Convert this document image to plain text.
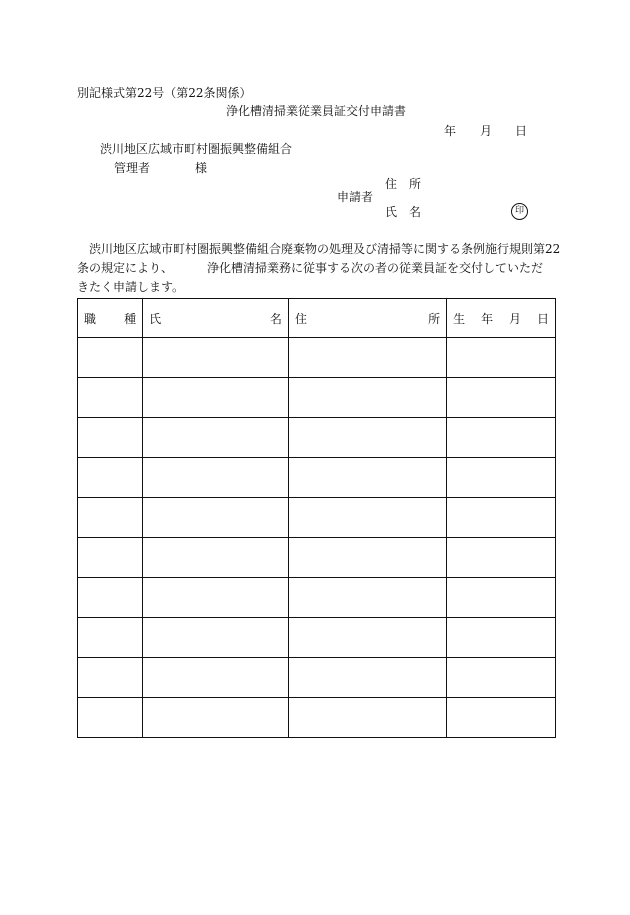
別記様式第22号（第22条関係）
浄化槽清掃業従業員証交付申請書
年 月 日
渋川地区広域市町村圏振興整備組合
管理者	様
申請者
住 所
氏 名	印
　渋川地区広域市町村圏振興整備組合廃棄物の処理及び清掃等に関する条例施行規則第22
条の規定により、	浄化槽清掃業務に従事する次の者の従業員証を交付していただ
きたく申請します。
職 種	氏 名	住 所	生 年 月 日
